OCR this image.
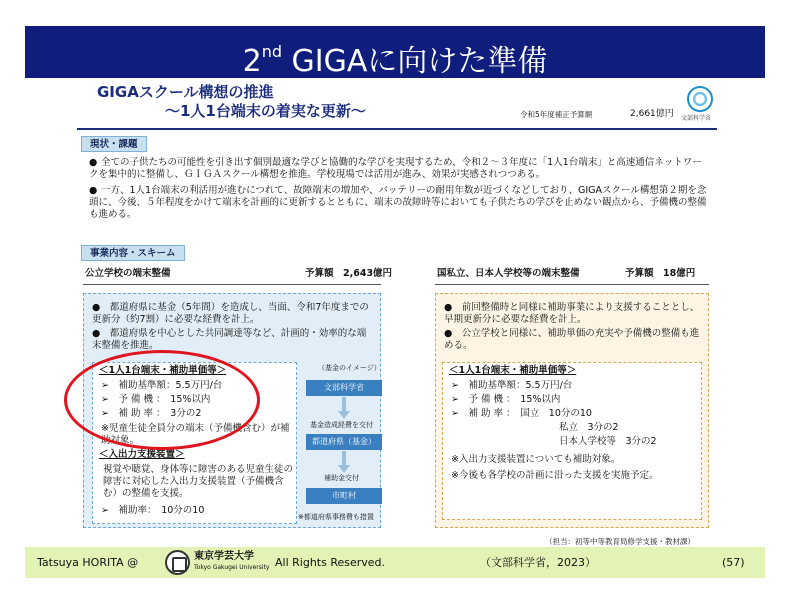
2nd GIGAに向けた準備
GIGAスクール構想の推進
～1人1台端末の着実な更新～	令和5年度補正予算額	2,661億円 文部科学省
現状・課題
● 全ての子供たちの可能性を引き出す個別最適な学びと協働的な学びを実現するため、令和２～３年度に「1人1台端末」と高速通信ネットワークを集中的に整備し、ＧＩＧＡスクール構想を推進。学校現場では活用が進み、効果が実感されつつある。
● 一方、1人1台端末の利活用が進むにつれて、故障端末の増加や、バッテリーの耐用年数が近づくなどしており、GIGAスクール構想第２期を念頭に、今後、５年程度をかけて端末を計画的に更新するとともに、端末の故障時等においても子供たちの学びを止めない観点から、予備機の整備も進める。
事業内容・スキーム
公立学校の端末整備	予算額　2,643億円	国私立、日本人学校等の端末整備	予算額　18億円
●　都道府県に基金（5年間）を造成し、当面、令和7年度までの更新分（約7割）に必要な経費を計上。
●　都道府県を中心とした共同調達等など、計画的・効率的な端末整備を推進。
＜1人1台端末・補助単価等＞
➢　補助基準額：5.5万円/台
➢　予 備 機 ：　15%以内
➢　補 助 率 ：　3分の2
※児童生徒全員分の端末（予備機含む）が補助対象。
＜入出力支援装置＞
視覚や聴覚、身体等に障害のある児童生徒の障害に対応した入出力支援装置（予備機含む）の整備を支援。
➢　補助率：　10分の10
（基金のイメージ）
文部科学省
基金造成経費を交付
都道府県（基金）
補助金交付
市町村
※都道府県事務費も措置
●　前回整備時と同様に補助事業により支援することとし、早期更新分に必要な経費を計上。
●　公立学校と同様に、補助単価の充実や予備機の整備も進める。
＜1人1台端末・補助単価等＞
➢　補助基準額：5.5万円/台
➢　予 備 機 ：　15%以内
➢　補 助 率 ：　国立　10分の10
私立　3分の2
日本人学校等　3分の2
※入出力支援装置についても補助対象。
※今後も各学校の計画に沿った支援を実施予定。
（担当：初等中等教育局修学支援・教材課）
Tatsuya HORITA @	東京学芸大学
Tokyo Gakugei University All Rights Reserved.	（文部科学省，2023）	(57)
